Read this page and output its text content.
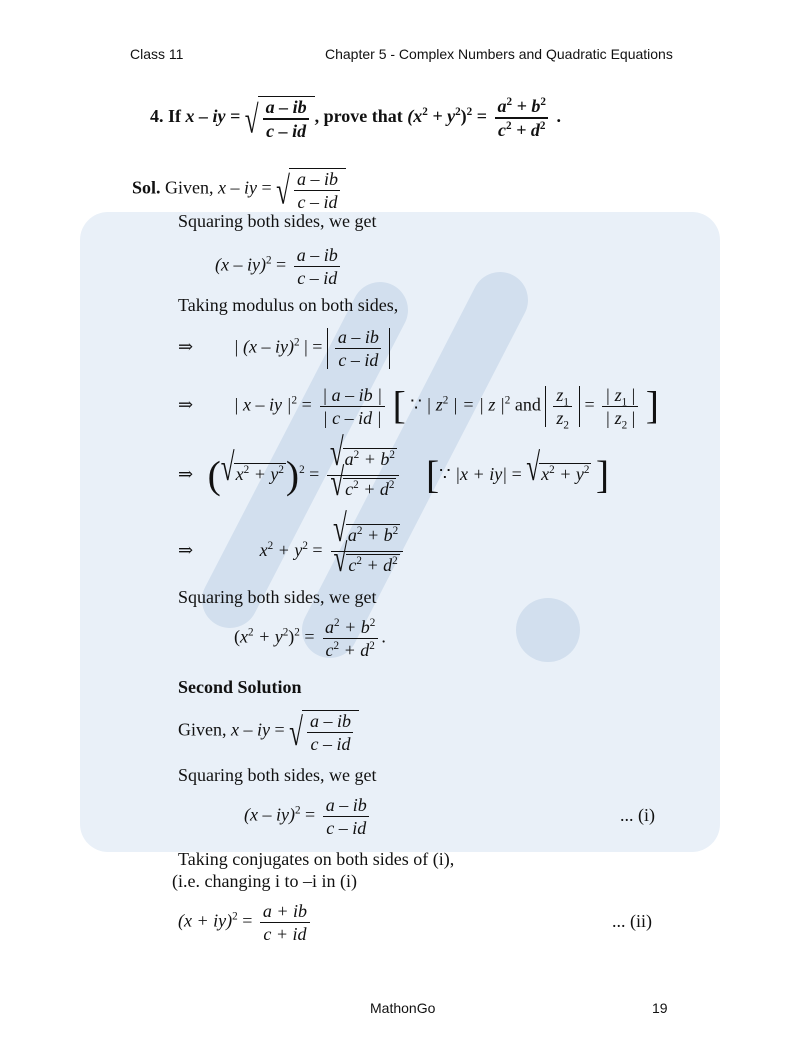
Class 11	Chapter 5 - Complex Numbers and Quadratic Equations
4. If x – iy = √ $\frac{a - ib}{c - id}$ , prove that $(x^2 + y^2)^2 = \frac{a^2 + b^2}{c^2 + d^2}$ .
Sol. Given, x – iy = √ $\frac{a - ib}{c - id}$
Squaring both sides, we get
$(x - iy)^2 = \frac{a - ib}{c - id}$
Taking modulus on both sides,
⇒ | (x – iy)$^2$ | = $\frac{a - ib}{c - id}$
⇒ | x – iy $|^2 = \frac{| a - ib |}{| c - id |}$ [ ∵ | $z^2$ | = | z $|^2$ and $\frac{z_1}{z_2} = \frac{| z_1 |}{| z_2 |}$ ]
⇒ ( √ $x^2 + y^2$ )$^2 = \frac{√ a^2 + b^2}{√ c^2 + d^2}$ [∵ |x + iy| = √ $x^2 + y^2$ ]
⇒	$x^2 + y^2 = \frac{√ a^2 + b^2}{√ c^2 + d^2}$
Squaring both sides, we get
$(x^2 + y^2)^2 = \frac{a^2 + b^2}{c^2 + d^2}$ .
Second Solution
Given, x – iy = √ $\frac{a - ib}{c - id}$
Squaring both sides, we get
$(x - iy)^2 = \frac{a - ib}{c - id}$	... (i)
Taking conjugates on both sides of (i),
(i.e. changing i to –i in (i)
$(x + iy)^2 = \frac{a + ib}{c + id}$	... (ii)
MathonGo	19
